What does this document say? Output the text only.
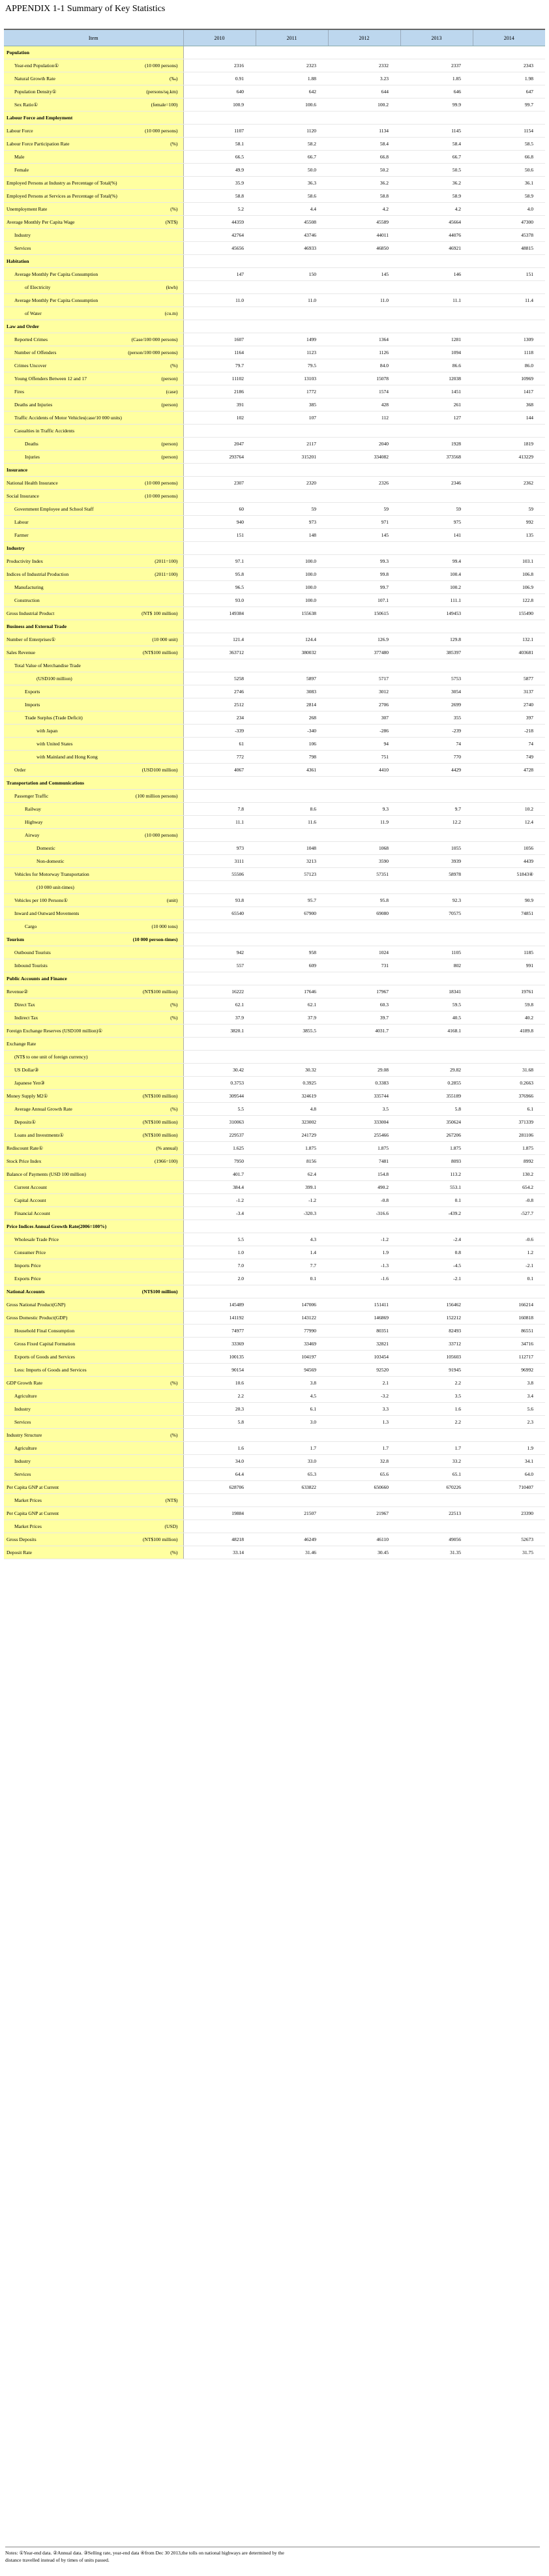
APPENDIX 1-1 Summary of Key Statistics
Item	2010	2011	2012	2013	2014

Population					

Year-end Population① (10 000 persons)	2316	2323	2332	2337	2343

Natural Growth Rate (‰)	0.91	1.88	3.23	1.85	1.98

Population Density① (persons/sq.km)	640	642	644	646	647

Sex Ratio① (female=100)	100.9	100.6	100.2	99.9	99.7

Labour Force and Employment					

Labour Force (10 000 persons)	1107	1120	1134	1145	1154

Labour Force Participation Rate (%)	58.1	58.2	58.4	58.4	58.5

Male	66.5	66.7	66.8	66.7	66.8

Female	49.9	50.0	50.2	50.5	50.6

Employed Persons at Industry as Percentage of Total(%)	35.9	36.3	36.2	36.2	36.1

Employed Persons at Services as Percentage of Total(%)	58.8	58.6	58.8	58.9	58.9

Unemployment Rate (%)	5.2	4.4	4.2	4.2	4.0

Average Monthly Per Capita Wage (NT$)	44359	45508	45589	45664	47300

Industry	42764	43746	44011	44076	45378

Services	45656	46933	46850	46921	48815

Habitation					

Average Monthly Per Capita Consumption	147	150	145	146	151

of Electricity (kwh)					

Average Monthly Per Capita Consumption	11.0	11.0	11.0	11.1	11.4

of Water (cu.m)					

Law and Order					

Reported Crimes (Case/100 000 persons)	1607	1499	1364	1281	1309

Number of Offenders (person/100 000 persons)	1164	1123	1126	1094	1118

Crimes Uncover (%)	79.7	79.5	84.0	86.6	86.0

Young Offenders Between 12 and 17 (person)	11102	13103	15078	12038	10969

Fires (case)	2186	1772	1574	1451	1417

Deaths and Injuries (person)	391	385	428	261	368

Traffic Accidents of Motor Vehicles(case/10 000 units)	102	107	112	127	144

Casualties in Traffic Accidents					

Deaths (person)	2047	2117	2040	1928	1819

Injuries (person)	293764	315201	334082	373568	413229

Insurance					

National Health Insurance (10 000 persons)	2307	2320	2326	2346	2362

Social Insurance (10 000 persons)					

Government Employee and School Staff	60	59	59	59	59

Labour	940	973	971	975	992

Farmer	151	148	145	141	135

Industry					

Productivity Index (2011=100)	97.1	100.0	99.3	99.4	103.1

Indices of Industrial Production (2011=100)	95.8	100.0	99.8	100.4	106.8

Manufacturing	96.5	100.0	99.7	100.2	106.9

Construction	93.0	100.0	107.1	111.1	122.8

Gross Industrial Product (NT$ 100 million)	149384	155638	150615	149453	155490

Business and External Trade					

Number of Enterprises① (10 000 unit)	121.4	124.4	126.9	129.8	132.1

Sales Revenue (NT$100 million)	363712	380032	377480	385397	403681

Total Value of Merchandise Trade					

(USD100 million)	5258	5897	5717	5753	5877

Exports	2746	3083	3012	3054	3137

Imports	2512	2814	2706	2699	2740

Trade Surplus (Trade Deficit)	234	268	307	355	397

with Japan	-339	-340	-286	-239	-218

with United States	61	106	94	74	74

with Mainland and Hong Kong	772	798	751	770	749

Order (USD100 million)	4067	4361	4410	4429	4728

Transportation and Communications					

Passenger Traffic (100 million persons)					

Railway	7.8	8.6	9.3	9.7	10.2

Highway	11.1	11.6	11.9	12.2	12.4

Airway (10 000 persons)					

Domestic	973	1048	1068	1055	1056

Non-domestic	3111	3213	3590	3939	4439

Vehicles for Motorway Transportation	55506	57123	57351	58978	51843④

(10 000 unit-times)					

Vehicles per 100 Persons① (unit)	93.8	95.7	95.8	92.3	90.9

Inward and Outward Movements	65540	67900	69080	70575	74851

Cargo (10 000 tons)					

Tourism (10 000 person-times)					

Outbound Tourists	942	958	1024	1105	1185

Inbound Tourists	557	609	731	802	991

Public Accounts and Finance					

Revenue② (NT$100 million)	16222	17646	17967	18341	19761

Direct Tax (%)	62.1	62.1	60.3	59.5	59.8

Indirect Tax (%)	37.9	37.9	39.7	40.5	40.2

Foreign Exchange Reserves (USD100 million)①	3820.1	3855.5	4031.7	4168.1	4189.8

Exchange Rate					

(NT$ to one unit of foreign currency)					

US Dollar③	30.42	30.32	29.08	29.82	31.68

Japanese Yen③	0.3753	0.3925	0.3383	0.2855	0.2663

Money Supply M2① (NT$100 million)	309544	324619	335744	355189	376966

Average Annual Growth Rate (%)	5.5	4.8	3.5	5.8	6.1

Deposits① (NT$100 million)	310063	323002	333004	350624	371339

Loans and Investments① (NT$100 million)	229537	241729	255466	267206	281106

Rediscount Rate① (% annual)	1.625	1.875	1.875	1.875	1.875

Stock Price Index (1966=100)	7950	8156	7481	8093	8992

Balance of Payments (USD 100 million)	401.7	62.4	154.8	113.2	130.2

Current Account	384.4	399.1	490.2	553.1	654.2

Capital Account	-1.2	-1.2	-0.8	0.1	-0.8

Financial Account	-3.4	-320.3	-316.6	-439.2	-527.7

Price Indices Annual Growth Rate(2006=100%)					

Wholesale Trade Price	5.5	4.3	-1.2	-2.4	-0.6

Consumer Price	1.0	1.4	1.9	0.8	1.2

Imports Price	7.0	7.7	-1.3	-4.5	-2.1

Exports Price	2.0	0.1	-1.6	-2.1	0.1

National Accounts (NT$100 million)					

Gross National Product(GNP)	145489	147006	151411	156462	166214

Gross Domestic Product(GDP)	141192	143122	146869	152212	160818

Household Final Consumption	74977	77990	80351	82493	86551

Gross Fixed Capital Formation	33369	33469	32821	33712	34716

Exports of Goods and Services	100135	104197	103454	105603	112717

Less: Imports of Goods and Services	90154	94569	92520	91945	96992

GDP Growth Rate (%)	10.6	3.8	2.1	2.2	3.8

Agriculture	2.2	4.5	-3.2	3.5	3.4

Industry	20.3	6.1	3.3	1.6	5.6

Services	5.8	3.0	1.3	2.2	2.3

Industry Structure (%)					

Agriculture	1.6	1.7	1.7	1.7	1.9

Industry	34.0	33.0	32.8	33.2	34.1

Services	64.4	65.3	65.6	65.1	64.0

Per Capita GNP at Current	628706	633822	650660	670226	710407

Market Prices (NT$)					

Per Capita GNP at Current	19884	21507	21967	22513	23390

Market Prices (USD)					

Gross Deposits (NT$100 million)	48218	46249	46110	49056	52673

Deposit Rate (%)	33.14	31.46	30.45	31.35	31.75
Notes: ①Year-end data. ②Annual data. ③Selling rate, year-end data ④from Dec 30 2013,the tolls on national highways are determined by the
distance travelled instead of by times of units passed.
